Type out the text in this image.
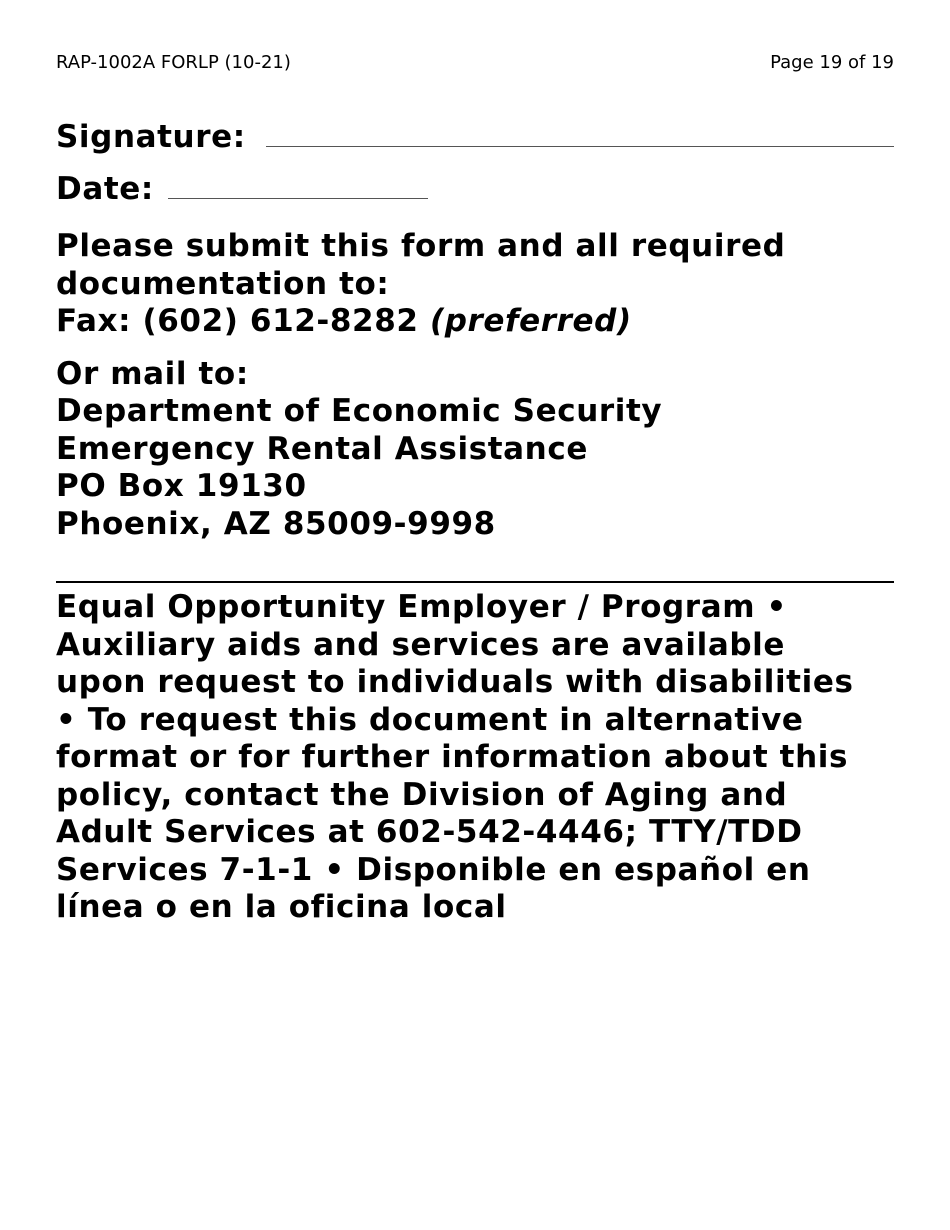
RAP-1002A FORLP (10-21)	Page 19 of 19
Signature:
Date:
Please submit this form and all required
documentation to:
Fax: (602) 612-8282 (preferred)
Or mail to:
Department of Economic Security
Emergency Rental Assistance
PO Box 19130
Phoenix, AZ 85009-9998
Equal Opportunity Employer / Program •
Auxiliary aids and services are available
upon request to individuals with disabilities
• To request this document in alternative
format or for further information about this
policy, contact the Division of Aging and
Adult Services at 602-542-4446; TTY/TDD
Services 7-1-1 • Disponible en español en
línea o en la oficina local
